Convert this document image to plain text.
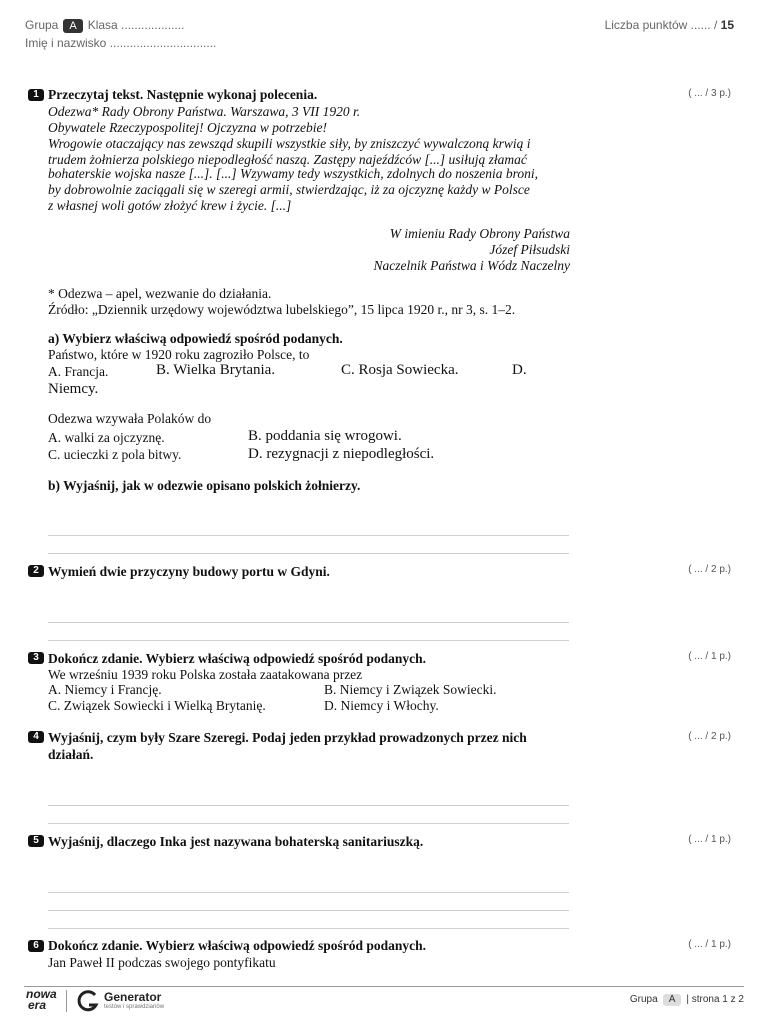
Grupa A Klasa ...................
Imię i nazwisko ................................
Liczba punktów ...... / 15
1 Przeczytaj tekst. Następnie wykonaj polecenia.	( ... / 3 p.)
Odezwa* Rady Obrony Państwa. Warszawa, 3 VII 1920 r.
Obywatele Rzeczypospolitej! Ojczyzna w potrzebie!
Wrogowie otaczający nas zewsząd skupili wszystkie siły, by zniszczyć wywalczoną krwią i
trudem żołnierza polskiego niepodległość naszą. Zastępy najeźdźców [...] usiłują złamać
bohaterskie wojska nasze [...]. [...] Wzywamy tedy wszystkich, zdolnych do noszenia broni,
by dobrowolnie zaciągali się w szeregi armii, stwierdzając, iż za ojczyznę każdy w Polsce
z własnej woli gotów złożyć krew i życie. [...]
W imieniu Rady Obrony Państwa
Józef Piłsudski
Naczelnik Państwa i Wódz Naczelny
* Odezwa – apel, wezwanie do działania.
Źródło: „Dziennik urzędowy województwa lubelskiego”, 15 lipca 1920 r., nr 3, s. 1–2.
a) Wybierz właściwą odpowiedź spośród podanych.
Państwo, które w 1920 roku zagroziło Polsce, to
A. Francja.	B. Wielka Brytania.	C. Rosja Sowiecka.	D.
Niemcy.
Odezwa wzywała Polaków do
A. walki za ojczyznę.	B. poddania się wrogowi.
C. ucieczki z pola bitwy.	D. rezygnacji z niepodległości.
b) Wyjaśnij, jak w odezwie opisano polskich żołnierzy.
2 Wymień dwie przyczyny budowy portu w Gdyni.	( ... / 2 p.)
3 Dokończ zdanie. Wybierz właściwą odpowiedź spośród podanych.	( ... / 1 p.)
We wrześniu 1939 roku Polska została zaatakowana przez
A. Niemcy i Francję.	B. Niemcy i Związek Sowiecki.
C. Związek Sowiecki i Wielką Brytanię.	D. Niemcy i Włochy.
4 Wyjaśnij, czym były Szare Szeregi. Podaj jeden przykład prowadzonych przez nich
działań.
( ... / 2 p.)
5 Wyjaśnij, dlaczego Inka jest nazywana bohaterską sanitariuszką.	( ... / 1 p.)
6 Dokończ zdanie. Wybierz właściwą odpowiedź spośród podanych.	( ... / 1 p.)
Jan Paweł II podczas swojego pontyfikatu
nowa
era
Generator
testów i sprawdzianów
Grupa A | strona 1 z 2
